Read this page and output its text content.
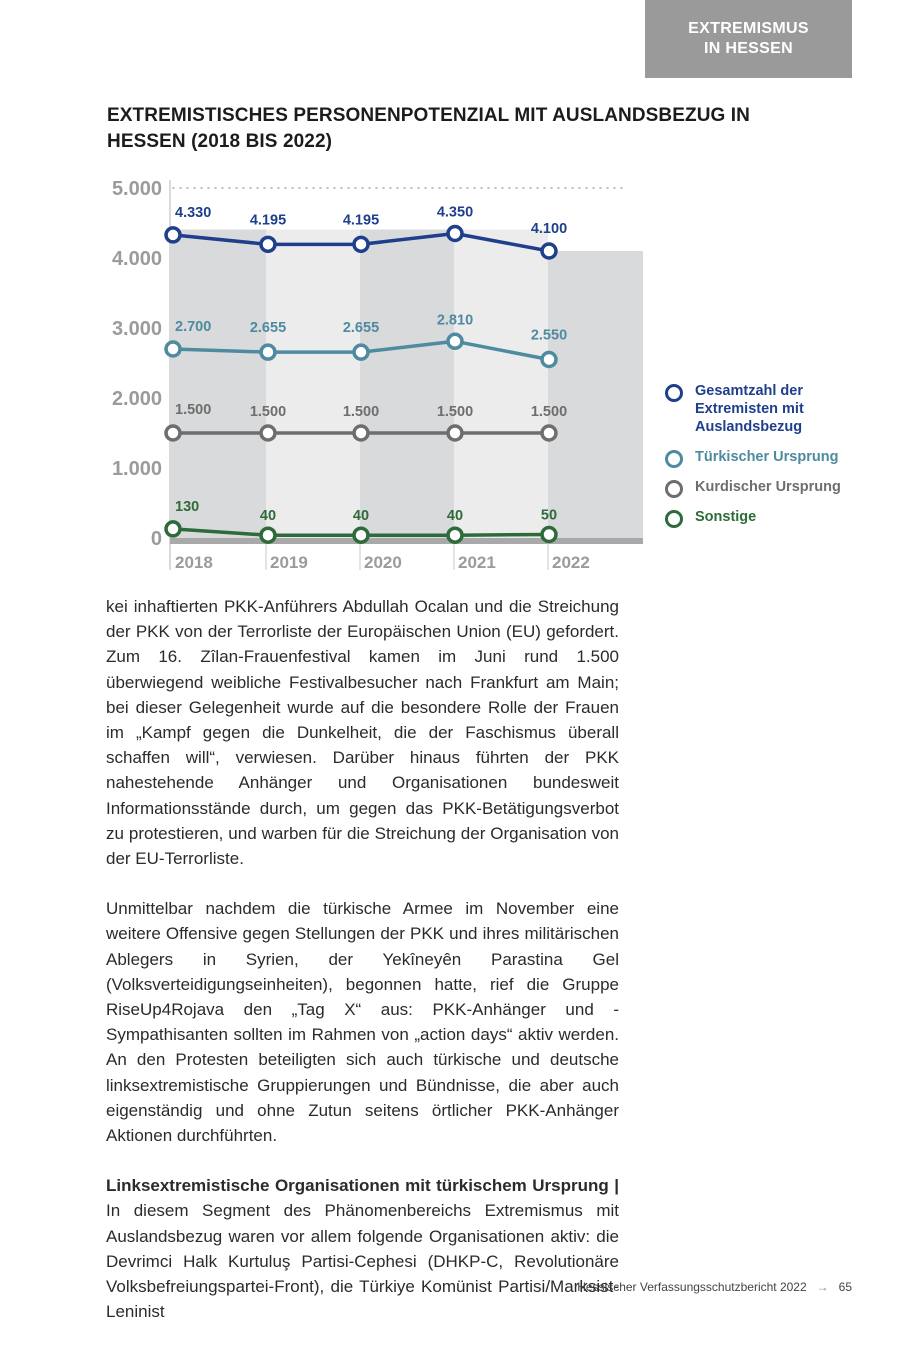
EXTREMISMUS
IN HESSEN
EXTREMISTISCHES PERSONENPOTENZIAL MIT AUSLANDSBEZUG IN HESSEN (2018 BIS 2022)
0
1.000
2.000
3.000
4.000
5.000
2018	2019	2020	2021	2022
4.330	4.195	4.195	4.350
4.100
2.700	2.655	2.655	2.810
2.550
1.500	1.500	1.500	1.500	1.500
130
40	40	40	50
Gesamtzahl der Extremisten mit Auslandsbezug
Türkischer Ursprung
Kurdischer Ursprung
Sonstige

kei inhaftierten PKK-Anführers Abdullah Ocalan und die Streichung der PKK von der Terrorliste der Europäischen Union (EU) gefordert. Zum 16. Zîlan-Frauenfestival kamen im Juni rund 1.500 überwiegend weibliche Festivalbesucher nach Frankfurt am Main; bei dieser Gelegenheit wurde auf die besondere Rolle der Frauen im „Kampf gegen die Dunkelheit, die der Faschismus überall schaffen will“, verwiesen. Darüber hinaus führten der PKK nahestehende Anhänger und Organisationen bundesweit Informationsstände durch, um gegen das PKK-Betätigungsverbot zu protestieren, und warben für die Streichung der Organisation von der EU-Terrorliste.

Unmittelbar nachdem die türkische Armee im November eine weitere Offensive gegen Stellungen der PKK und ihres militärischen Ablegers in Syrien, der Yekîneyên Parastina Gel (Volksverteidigungseinheiten), begonnen hatte, rief die Gruppe RiseUp4Rojava den „Tag X“ aus: PKK-Anhänger und -Sympathisanten sollten im Rahmen von „action days“ aktiv werden. An den Protesten beteiligten sich auch türkische und deutsche linksextremistische Gruppierungen und Bündnisse, die aber auch eigenständig und ohne Zutun seitens örtlicher PKK-Anhänger Aktionen durchführten.

Linksextremistische Organisationen mit türkischem Ursprung | In diesem Segment des Phänomenbereichs Extremismus mit Auslandsbezug waren vor allem folgende Organisationen aktiv: die Devrimci Halk Kurtuluş Partisi-Cephesi (DHKP-C, Revolutionäre Volksbefreiungspartei-Front), die Türkiye Komünist Partisi/Marksist-Leninist

Hessischer Verfassungsschutzbericht 2022 → 65
